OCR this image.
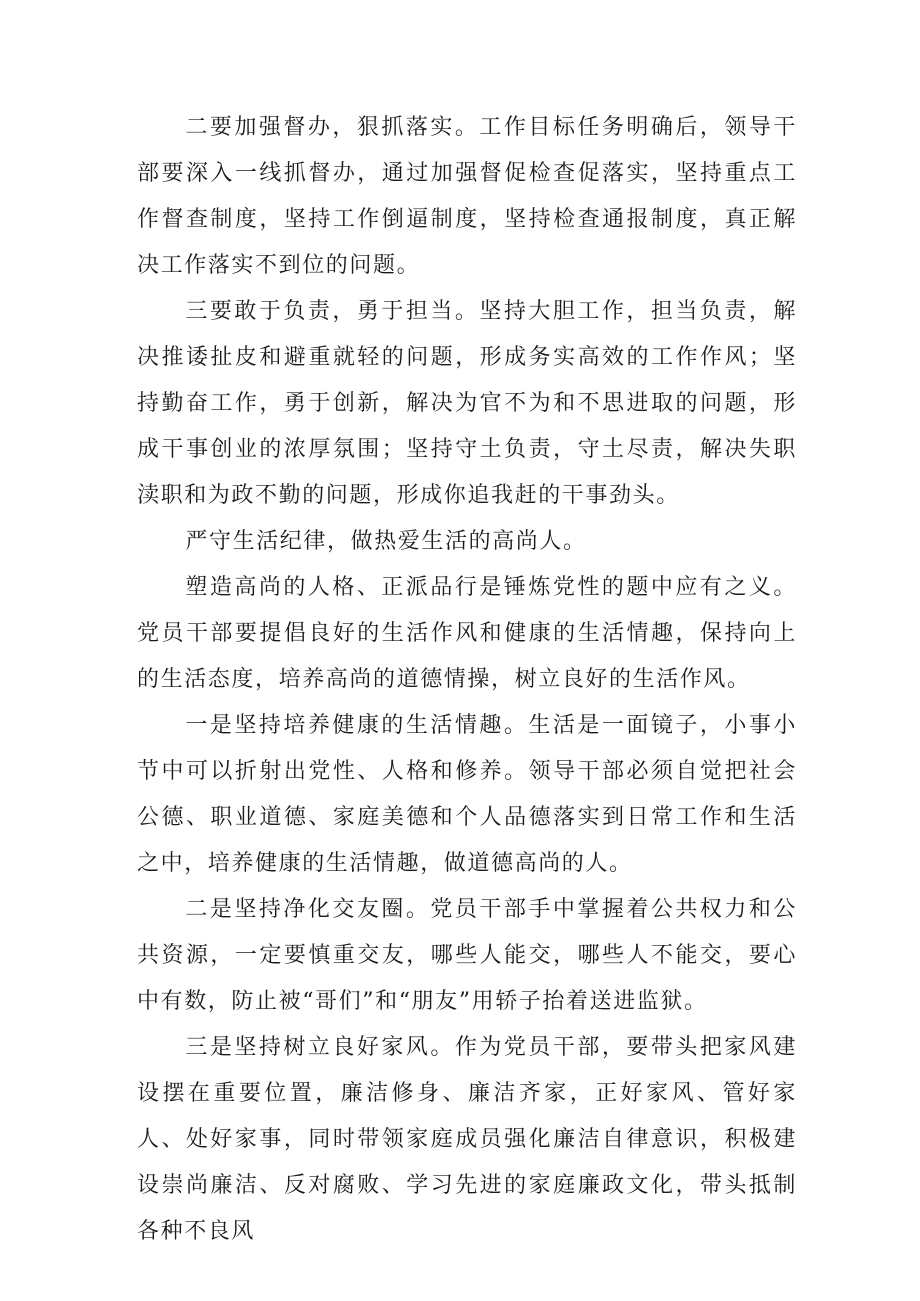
二要加强督办，狠抓落实。工作目标任务明确后，领导干部要深入一线抓督办，通过加强督促检查促落实，坚持重点工作督查制度，坚持工作倒逼制度，坚持检查通报制度，真正解决工作落实不到位的问题。

三要敢于负责，勇于担当。坚持大胆工作，担当负责，解决推诿扯皮和避重就轻的问题，形成务实高效的工作作风；坚持勤奋工作，勇于创新，解决为官不为和不思进取的问题，形成干事创业的浓厚氛围；坚持守土负责，守土尽责，解决失职渎职和为政不勤的问题，形成你追我赶的干事劲头。

严守生活纪律，做热爱生活的高尚人。

塑造高尚的人格、正派品行是锤炼党性的题中应有之义。党员干部要提倡良好的生活作风和健康的生活情趣，保持向上的生活态度，培养高尚的道德情操，树立良好的生活作风。

一是坚持培养健康的生活情趣。生活是一面镜子，小事小节中可以折射出党性、人格和修养。领导干部必须自觉把社会公德、职业道德、家庭美德和个人品德落实到日常工作和生活之中，培养健康的生活情趣，做道德高尚的人。

二是坚持净化交友圈。党员干部手中掌握着公共权力和公共资源，一定要慎重交友，哪些人能交，哪些人不能交，要心中有数，防止被“哥们”和“朋友”用轿子抬着送进监狱。

三是坚持树立良好家风。作为党员干部，要带头把家风建设摆在重要位置，廉洁修身、廉洁齐家，正好家风、管好家人、处好家事，同时带领家庭成员强化廉洁自律意识，积极建设崇尚廉洁、反对腐败、学习先进的家庭廉政文化，带头抵制各种不良风
